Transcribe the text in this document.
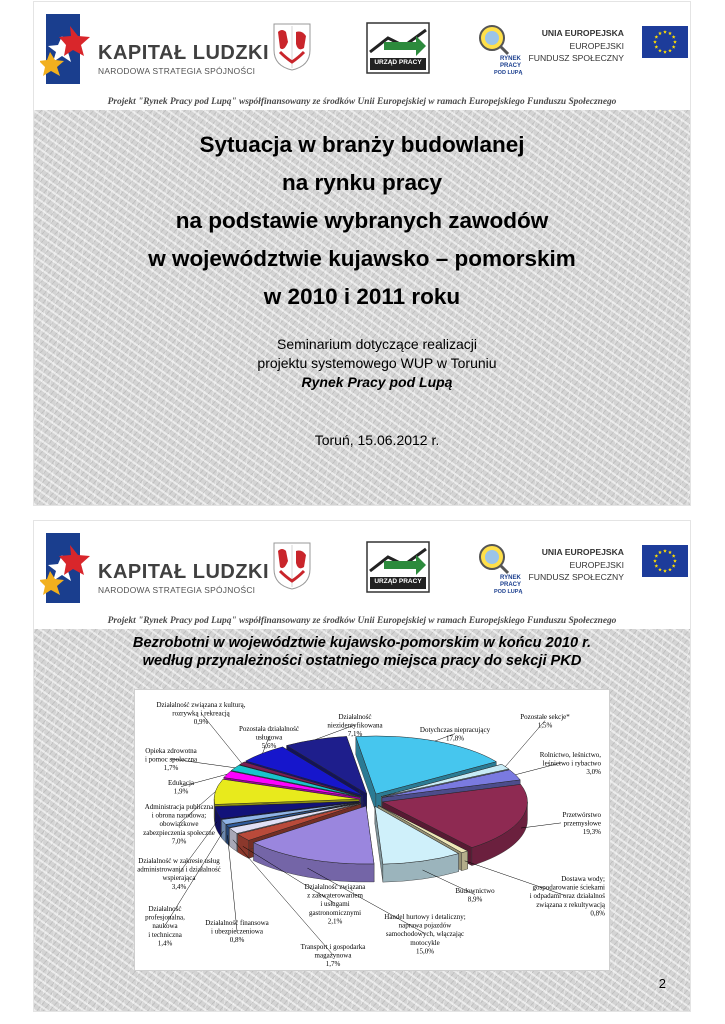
KAPITAŁ LUDZKI
NARODOWA STRATEGIA SPÓJNOŚCI
URZĄD PRACY	RYNEK
PRACY
POD LUPĄ
UNIA EUROPEJSKA
EUROPEJSKI
FUNDUSZ SPOŁECZNY
Projekt "Rynek Pracy pod Lupą" współfinansowany ze środków Unii Europejskiej w ramach Europejskiego Funduszu Społecznego
Sytuacja w branży budowlanej
na rynku pracy
na podstawie wybranych zawodów
w województwie kujawsko – pomorskim
w 2010 i 2011 roku
Seminarium dotyczące realizacji
projektu systemowego WUP w Toruniu
Rynek Pracy pod Lupą
Toruń, 15.06.2012 r.
KAPITAŁ LUDZKI
NARODOWA STRATEGIA SPÓJNOŚCI
URZĄD PRACY	RYNEK
PRACY
POD LUPĄ
UNIA EUROPEJSKA
EUROPEJSKI
FUNDUSZ SPOŁECZNY
Projekt "Rynek Pracy pod Lupą" współfinansowany ze środków Unii Europejskiej w ramach Europejskiego Funduszu Społecznego
Bezrobotni w województwie kujawsko-pomorskim w końcu 2010 r.
według przynależności ostatniego miejsca pracy do sekcji PKD
2
Dotychczas niepracujący 17,8%
Pozostałe sekcje* 1,5%
Rolnictwo, leśnictwo, leśnictwo i rybactwo 3,0%
Przetwórstwo przemysłowe 19,3%
Dostawa wody; gospodarowanie ściekami i odpadami oraz działalnoś związana z rekultywacją 0,8%
Budownictwo 8,9%
Handel hurtowy i detaliczny; naprawa pojazdów samochodowych, włączając motocykle 15,0%
Działalność związana z zakwaterowaniem i usługami gastronomicznymi 2,1%
Transport i gospodarka magazynowa 1,7%
Działalność finansowa i ubezpieczeniowa 0,8%
Działalność profesjonalna, naukowa i techniczna 1,4%
Działalność w zakresie usług administrowania i działalność wspierająca 3,4%
Administracja publiczna i obrona narodowa; obowiązkowe zabezpieczenia społeczne 7,0%
Edukacja 1,9%
Opieka zdrowotna i pomoc społeczna 1,7%
Działalność związana z kulturą, rozrywką i rekreacją 0,9%
Pozostała działalność usługowa 5,6%
Działalność niezidentyfikowana 7,1%
